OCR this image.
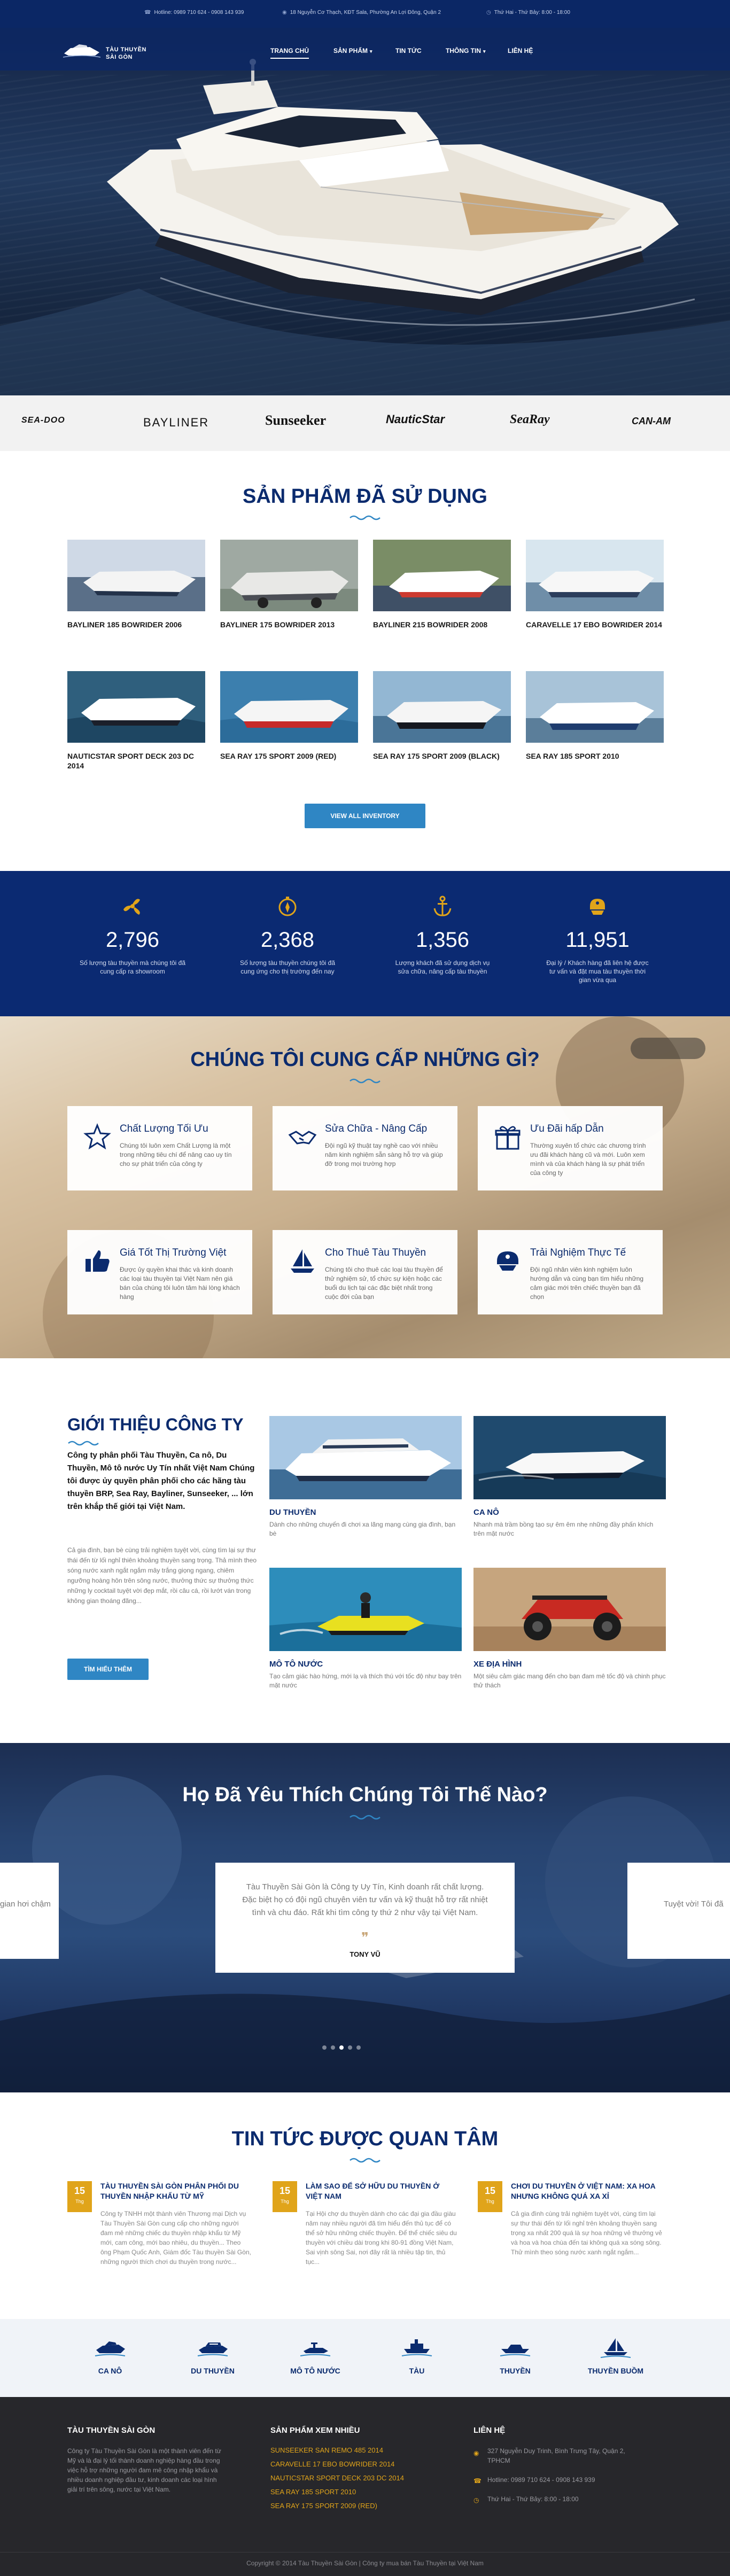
☎ Hotline: 0989 710 624 - 0908 143 939	◉ 18 Nguyễn Cơ Thạch, KĐT Sala, Phường An Lợi Đông, Quận 2	◷ Thứ Hai - Thứ Bảy: 8:00 - 18:00
TÀU THUYỀN
SÀI GÒN
TRANG CHỦ	SẢN PHẨM ▾	TIN TỨC	THÔNG TIN ▾	LIÊN HỆ
SEA-DOO	BAYLINER	Sunseeker	NauticStar	SeaRay	CAN-AM
SẢN PHẨM ĐÃ SỬ DỤNG
BAYLINER 185 BOWRIDER 2006	BAYLINER 175 BOWRIDER 2013	BAYLINER 215 BOWRIDER 2008	CARAVELLE 17 EBO BOWRIDER 2014
NAUTICSTAR SPORT DECK 203 DC 2014
SEA RAY 175 SPORT 2009 (RED)	SEA RAY 175 SPORT 2009 (BLACK)	SEA RAY 185 SPORT 2010
VIEW ALL INVENTORY
2,796
Số lượng tàu thuyền mà chúng tôi đã cung cấp ra showroom
2,368
Số lượng tàu thuyền chúng tôi đã cung ứng cho thị trường đến nay
1,356
Lượng khách đã sử dụng dịch vụ sửa chữa, nâng cấp tàu thuyền
11,951
Đại lý / Khách hàng đã liên hệ được tư vấn và đặt mua tàu thuyền thời gian vừa qua
CHÚNG TÔI CUNG CẤP NHỮNG GÌ?
Chất Lượng Tối Ưu
Chúng tôi luôn xem Chất Lượng là một trong những tiêu chí để nâng cao uy tín cho sự phát triển của công ty
Sửa Chữa - Nâng Cấp
Đội ngũ kỹ thuật tay nghề cao với nhiều năm kinh nghiệm sẵn sàng hỗ trợ và giúp đỡ trong mọi trường hợp
Ưu Đãi hấp Dẫn
Thường xuyên tổ chức các chương trình ưu đãi khách hàng cũ và mới. Luôn xem mình và của khách hàng là sự phát triển của công ty
Giá Tốt Thị Trường Việt
Được ủy quyền khai thác và kinh doanh các loại tàu thuyền tại Việt Nam nên giá bán của chúng tôi luôn tâm hài lòng khách hàng
Cho Thuê Tàu Thuyền
Chúng tôi cho thuê các loại tàu thuyền để thử nghiệm sử, tổ chức sự kiện hoặc các buổi du lịch tại các đặc biệt nhất trong cuộc đời của bạn
Trải Nghiệm Thực Tế
Đội ngũ nhân viên kinh nghiệm luôn hướng dẫn và cùng bạn tìm hiểu những cảm giác mới trên chiếc thuyền bạn đã chọn
GIỚI THIỆU CÔNG TY
Công ty phân phối Tàu Thuyền, Ca nô, Du Thuyền, Mô tô nước Uy Tín nhất Việt Nam Chúng tôi được ủy quyền phân phối cho các hãng tàu thuyền BRP, Sea Ray, Bayliner, Sunseeker, ... lớn trên khắp thế giới tại Việt Nam.
Cả gia đình, bạn bè cùng trải nghiệm tuyệt vời, cùng tìm lại sự thư thái đến từ lối nghỉ thiên khoảng thuyền sang trọng. Thả mình theo sóng nước xanh ngắt ngắm mây trắng giọng ngang, chiêm ngưỡng hoàng hôn trên sông nước, thưởng thức sự thưởng thức những ly cocktail tuyệt vời đẹp mắt, rồi câu cá, rồi lướt ván trong không gian thoáng đãng...
TÌM HIỂU THÊM
DU THUYỀN
Dành cho những chuyến đi chơi xa lãng mạng cùng gia đình, bạn bè
CA NÔ
Nhanh mà trầm bồng tạo sự êm êm nhẹ những đầy phấn khích trên mặt nước
MÔ TÔ NƯỚC
Tạo cảm giác hào hứng, mới lạ và thích thú với tốc độ như bay trên mặt nước
XE ĐỊA HÌNH
Một siêu cảm giác mang đến cho bạn đam mê tốc độ và chinh phục thử thách
Họ Đã Yêu Thích Chúng Tôi Thế Nào?
gian hơi chậm
Tàu Thuyền Sài Gòn là Công ty Uy Tín, Kinh doanh rất chất lượng. Đặc biệt họ có đội ngũ chuyên viên tư vấn và kỹ thuật hỗ trợ rất nhiệt tình và chu đáo. Rất khi tìm công ty thứ 2 như vậy tại Việt Nam.
❞
TONY VŨ
Tuyệt vời! Tôi đã
TIN TỨC ĐƯỢC QUAN TÂM
15
Thg
TÀU THUYỀN SÀI GÒN PHÂN PHỐI DU THUYỀN NHẬP KHẨU TỪ MỸ
Công ty TNHH một thành viên Thương mại Dịch vụ Tàu Thuyền Sài Gòn cung cấp cho những người đam mê những chiếc du thuyền nhập khẩu từ Mỹ mới, cam công, mới bao nhiêu, du thuyền... Theo ông Phạm Quốc Anh, Giám đốc Tàu thuyền Sài Gòn, những người thích chơi du thuyền trong nước...
15
Thg
LÀM SAO ĐỂ SỞ HỮU DU THUYỀN Ở VIỆT NAM
Tại Hội chợ du thuyền dành cho các đại gia đầu giàu năm nay nhiều người đã tìm hiểu đến thủ tục để có thể sở hữu những chiếc thuyền. Để thể chiếc siêu du thuyền với chiều dài trong khi 80-91 đồng Việt Nam, Sai vịnh sông Sai, nơi đây rất là nhiều tập tin, thủ tục...
15
Thg
CHƠI DU THUYỀN Ở VIỆT NAM: XA HOA NHƯNG KHÔNG QUÁ XA XỈ
Cả gia đình cùng trải nghiệm tuyệt vời, cùng tìm lại sự thư thái đến từ lối nghỉ trên khoảng thuyền sang trọng xa nhất 200 quá là sự hoa những vẻ thưởng vẻ và hoa và hoa chùa đến tai không quá xa sóng sông. Thử mình theo sóng nước xanh ngắt ngắm...
CA NÔ	DU THUYỀN	MÔ TÔ NƯỚC	TÀU	THUYỀN	THUYỀN BUỒM
TÀU THUYỀN SÀI GÒN
Công ty Tàu Thuyền Sài Gòn là một thành viên đến từ Mỹ và là đại lý tối thành doanh nghiệp hàng đầu trong việc hỗ trợ những người đam mê công nhập khẩu và nhiều doanh nghiệp đầu tư, kinh doanh các loại hình giải trí trên sông, nước tại Việt Nam.
SẢN PHẨM XEM NHIỀU
SUNSEEKER SAN REMO 485 2014
CARAVELLE 17 EBO BOWRIDER 2014
NAUTICSTAR SPORT DECK 203 DC 2014
SEA RAY 185 SPORT 2010
SEA RAY 175 SPORT 2009 (RED)
LIÊN HỆ
◉ 327 Nguyễn Duy Trinh, Bình Trưng Tây, Quận 2, TPHCM
☎ Hotline: 0989 710 624 - 0908 143 939
◷ Thứ Hai - Thứ Bảy: 8:00 - 18:00
Copyright © 2014 Tàu Thuyền Sài Gòn | Công ty mua bán Tàu Thuyền tại Việt Nam
